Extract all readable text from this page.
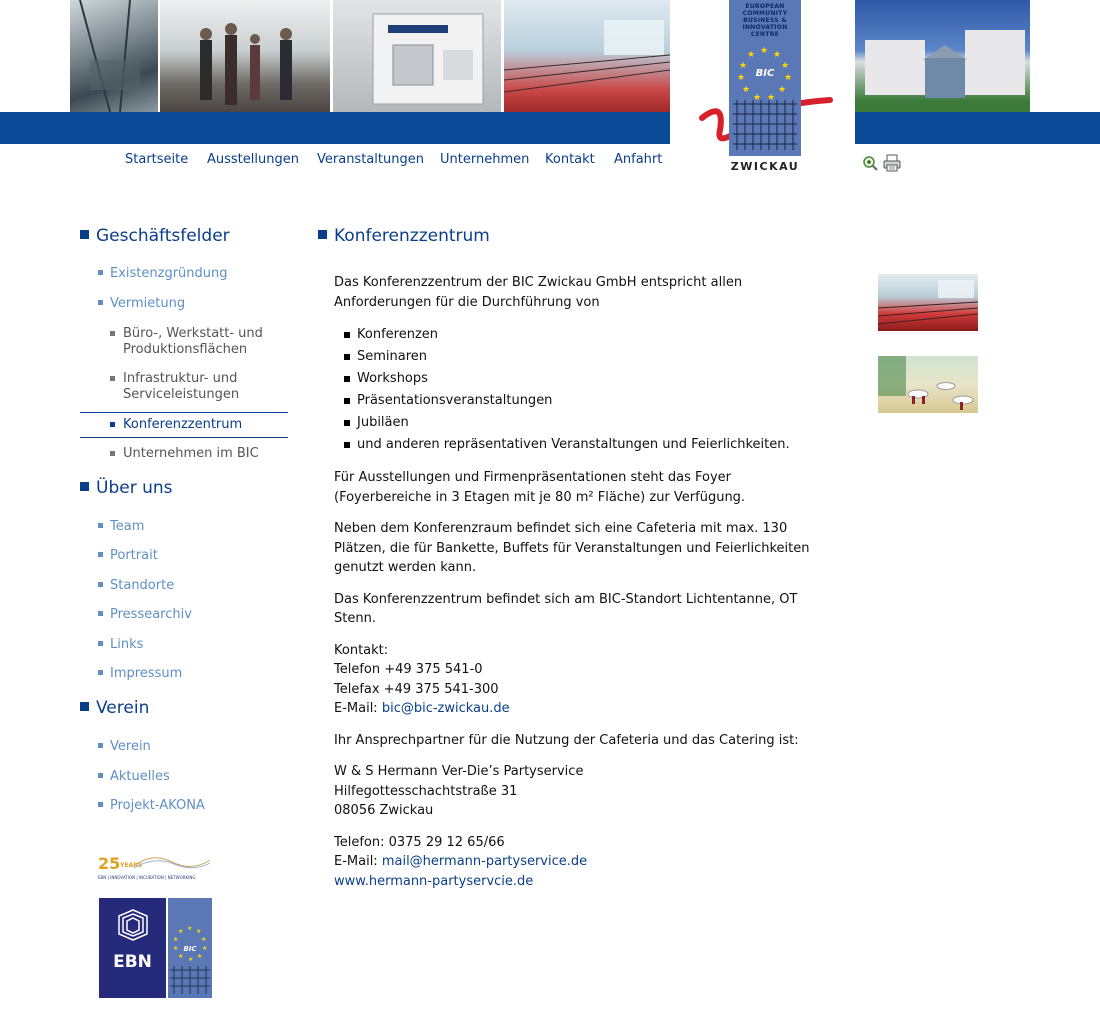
EUROPEAN
COMMUNITY
BUSINESS &
INNOVATION
CENTRE
★ ★
★
★
★
★
★
★
★
★
★
BIC
ZWICKAU
Startseite Ausstellungen Veranstaltungen Unternehmen Kontakt Anfahrt
Geschäftsfelder
Existenzgründung
Vermietung
Büro-, Werkstatt- und Produktionsflächen
Infrastruktur- und Serviceleistungen
Konferenzzentrum
Unternehmen im BIC
Über uns
Team
Portrait
Standorte
Pressearchiv
Links
Impressum
Verein
Verein
Aktuelles
Projekt-AKONA
25 YEARS
EBN | INNOVATION | INCUBATION | NETWORKING
EBN
★ ★
★
★
★
★
★
★
★
★
BIC
Konferenzzentrum

Das Konferenzzentrum der BIC Zwickau GmbH entspricht allen Anforderungen für die Durchführung von

Konferenzen
Seminaren
Workshops
Präsentationsveranstaltungen
Jubiläen
und anderen repräsentativen Veranstaltungen und Feierlichkeiten.

Für Ausstellungen und Firmenpräsentationen steht das Foyer (Foyerbereiche in 3 Etagen mit je 80 m² Fläche) zur Verfügung.

Neben dem Konferenzraum befindet sich eine Cafeteria mit max. 130 Plätzen, die für Bankette, Buffets für Veranstaltungen und Feierlichkeiten genutzt werden kann.

Das Konferenzzentrum befindet sich am BIC-Standort Lichtentanne, OT Stenn.

Kontakt:
Telefon +49 375 541-0
Telefax +49 375 541-300
E-Mail: bic@bic-zwickau.de

Ihr Ansprechpartner für die Nutzung der Cafeteria und das Catering ist:

W & S Hermann Ver-Die’s Partyservice
Hilfegottesschachtstraße 31
08056 Zwickau

Telefon: 0375 29 12 65/66
E-Mail: mail@hermann-partyservice.de
www.hermann-partyservcie.de
